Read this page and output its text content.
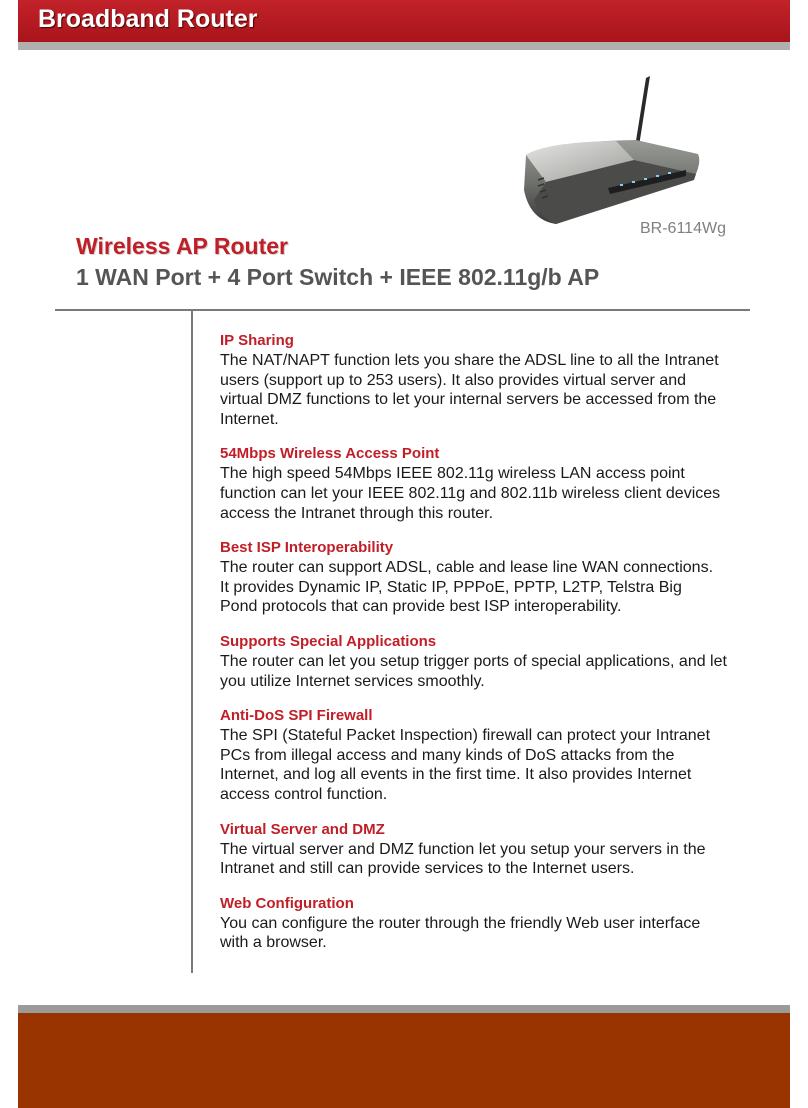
Broadband Router
BR-6114Wg
Wireless AP Router
1 WAN Port + 4 Port Switch + IEEE 802.11g/b AP
IP Sharing

The NAT/NAPT function lets you share the ADSL line to all the Intranet
users (support up to 253 users). It also provides virtual server and
virtual DMZ functions to let your internal servers be accessed from the
Internet.

54Mbps Wireless Access Point

The high speed 54Mbps IEEE 802.11g wireless LAN access point
function can let your IEEE 802.11g and 802.11b wireless client devices
access the Intranet through this router.

Best ISP Interoperability

The router can support ADSL, cable and lease line WAN connections.
It provides Dynamic IP, Static IP, PPPoE, PPTP, L2TP, Telstra Big
Pond protocols that can provide best ISP interoperability.

Supports Special Applications

The router can let you setup trigger ports of special applications, and let
you utilize Internet services smoothly.

Anti-DoS SPI Firewall

The SPI (Stateful Packet Inspection) firewall can protect your Intranet
PCs from illegal access and many kinds of DoS attacks from the
Internet, and log all events in the first time. It also provides Internet
access control function.

Virtual Server and DMZ

The virtual server and DMZ function let you setup your servers in the
Intranet and still can provide services to the Internet users.

Web Configuration

You can configure the router through the friendly Web user interface
with a browser.
